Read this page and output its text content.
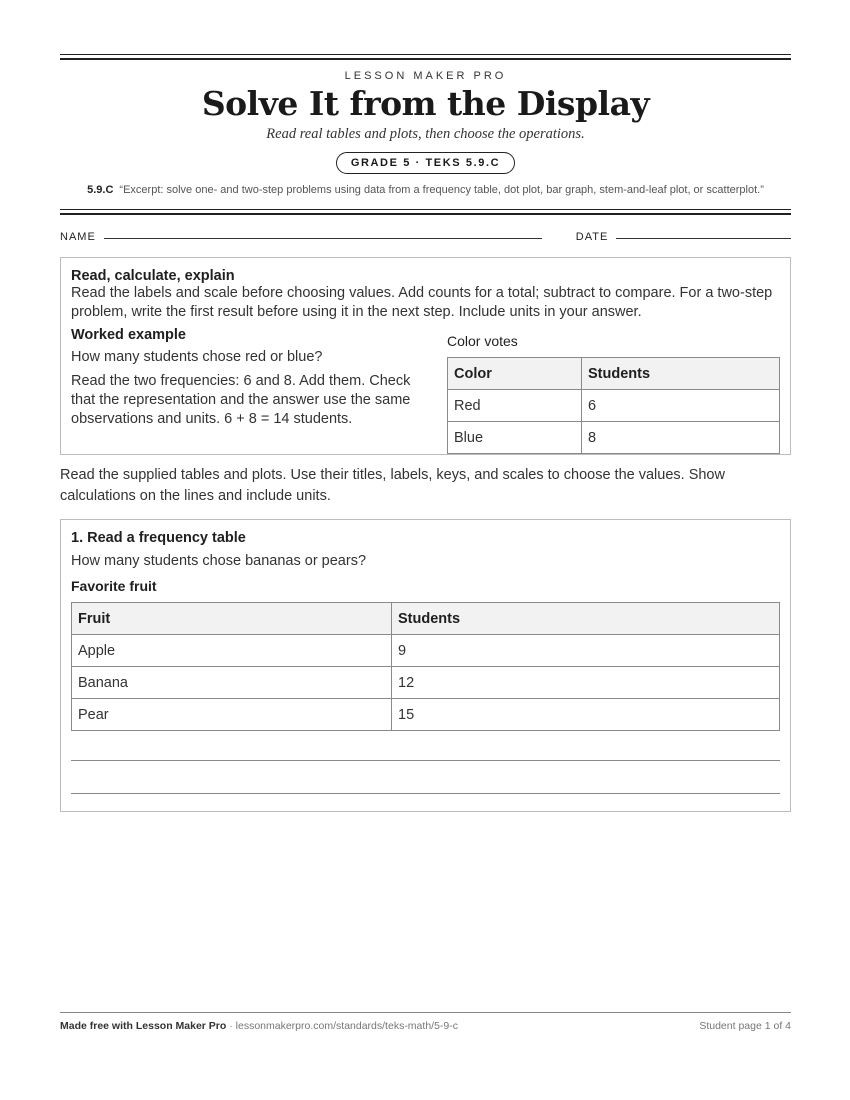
LESSON MAKER PRO
Solve It from the Display
Read real tables and plots, then choose the operations.
GRADE 5 · TEKS 5.9.C
5.9.C “Excerpt: solve one- and two-step problems using data from a frequency table, dot plot, bar graph, stem-and-leaf plot, or scatterplot.”
NAME	DATE
Read, calculate, explain

Read the labels and scale before choosing values. Add counts for a total; subtract to compare. For a two-step problem, write the first result before using it in the next step. Include units in your answer.

Worked example

How many students chose red or blue?

Read the two frequencies: 6 and 8. Add them. Check that the representation and the answer use the same observations and units. 6 + 8 = 14 students.

Color votes
Color	Students
Red	6
Blue	8
Read the supplied tables and plots. Use their titles, labels, keys, and scales to choose the values. Show calculations on the lines and include units.
1. Read a frequency table

How many students chose bananas or pears?

Favorite fruit
Fruit	Students
Apple	9
Banana	12
Pear	15
Made free with Lesson Maker Pro · lessonmakerpro.com/standards/teks-math/5-9-c	Student page 1 of 4
